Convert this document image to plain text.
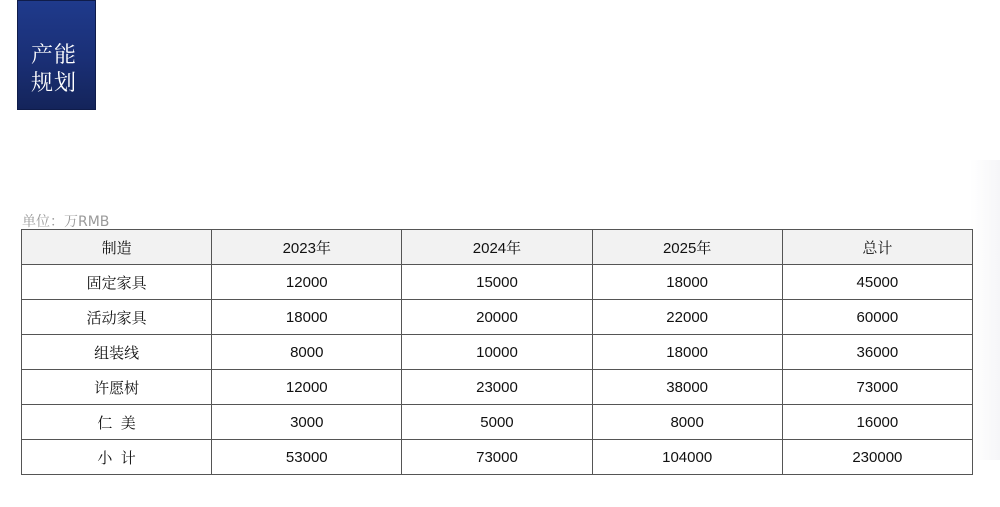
产能
规划
单位：万RMB
制造	2023年	2024年	2025年	总计
固定家具	12000	15000	18000	45000
活动家具	18000	20000	22000	60000
组装线	8000	10000	18000	36000
许愿树	12000	23000	38000	73000
仁  美	3000	5000	8000	16000
小  计	53000	73000	104000	230000
